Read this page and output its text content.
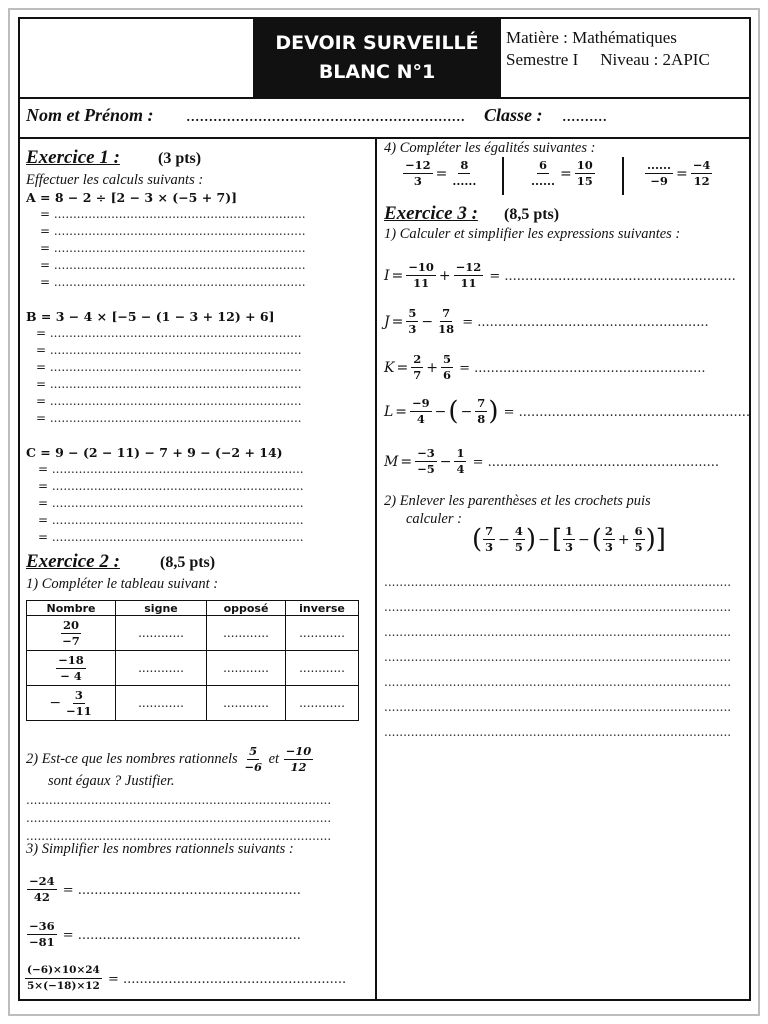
DEVOIR SURVEILLÉ
BLANC N°1
Matière : Mathématiques
Semestre I Niveau : 2APIC
Nom et Prénom : .............................................................. Classe : ..........
Exercice 1 : (3 pts)
Effectuer les calculs suivants :
A = 8 − 2 ÷ [2 − 3 × (−5 + 7)]
= ..................................................................
= ..................................................................
= ..................................................................
= ..................................................................
= ..................................................................
B = 3 − 4 × [−5 − (1 − 3 + 12) + 6]
= ..................................................................
= ..................................................................
= ..................................................................
= ..................................................................
= ..................................................................
= ..................................................................
C = 9 − (2 − 11) − 7 + 9 − (−2 + 14)
= ..................................................................
= ..................................................................
= ..................................................................
= ..................................................................
= ..................................................................
Exercice 2 :	(8,5 pts)
1) Compléter le tableau suivant :
Nombre	signe	opposé	inverse

$\frac{20}{-7}$	............	............	............

$\frac{-18}{- 4}$	............	............	............
− $\frac{3}{-11}$	............	............	............
2) Est-ce que les nombres rationnels $\frac{5}{-6}$ et $\frac{-10}{12}$
sont égaux ? Justifier.
................................................................................
................................................................................
................................................................................
3) Simplifier les nombres rationnels suivants :
$\frac{-24}{42}$ = ......................................................
$\frac{-36}{-81}$ = ......................................................
$\frac{(-6)\times 10\times 24}{5\times(-18)\times 12}$ = ......................................................
4) Compléter les égalités suivantes :
$\frac{-12}{3} = \frac{8}{......}$	$\frac{6}{......} = \frac{10}{15}$	$\frac{......}{-9} = \frac{-4}{12}$
Exercice 3 : (8,5 pts)
1) Calculer et simplifier les expressions suivantes :
$I = \frac{-10}{11} + \frac{-12}{11}$ = ........................................................
$J = \frac{5}{3} - \frac{7}{18}$ = ........................................................
$K = \frac{2}{7} + \frac{5}{6}$ = ........................................................
$L = \frac{-9}{4}$ −( − $\frac{7}{8}$ ) = ........................................................
$M = \frac{-3}{-5} - \frac{1}{4}$ = ........................................................
2) Enlever les parenthèses et les crochets puis
calculer :
( $\frac{7}{3} - \frac{4}{5}$ ) −[ $\frac{1}{3}$ −( $\frac{2}{3} + \frac{6}{5}$ )]
...........................................................................................
...........................................................................................
...........................................................................................
...........................................................................................
...........................................................................................
...........................................................................................
...........................................................................................
